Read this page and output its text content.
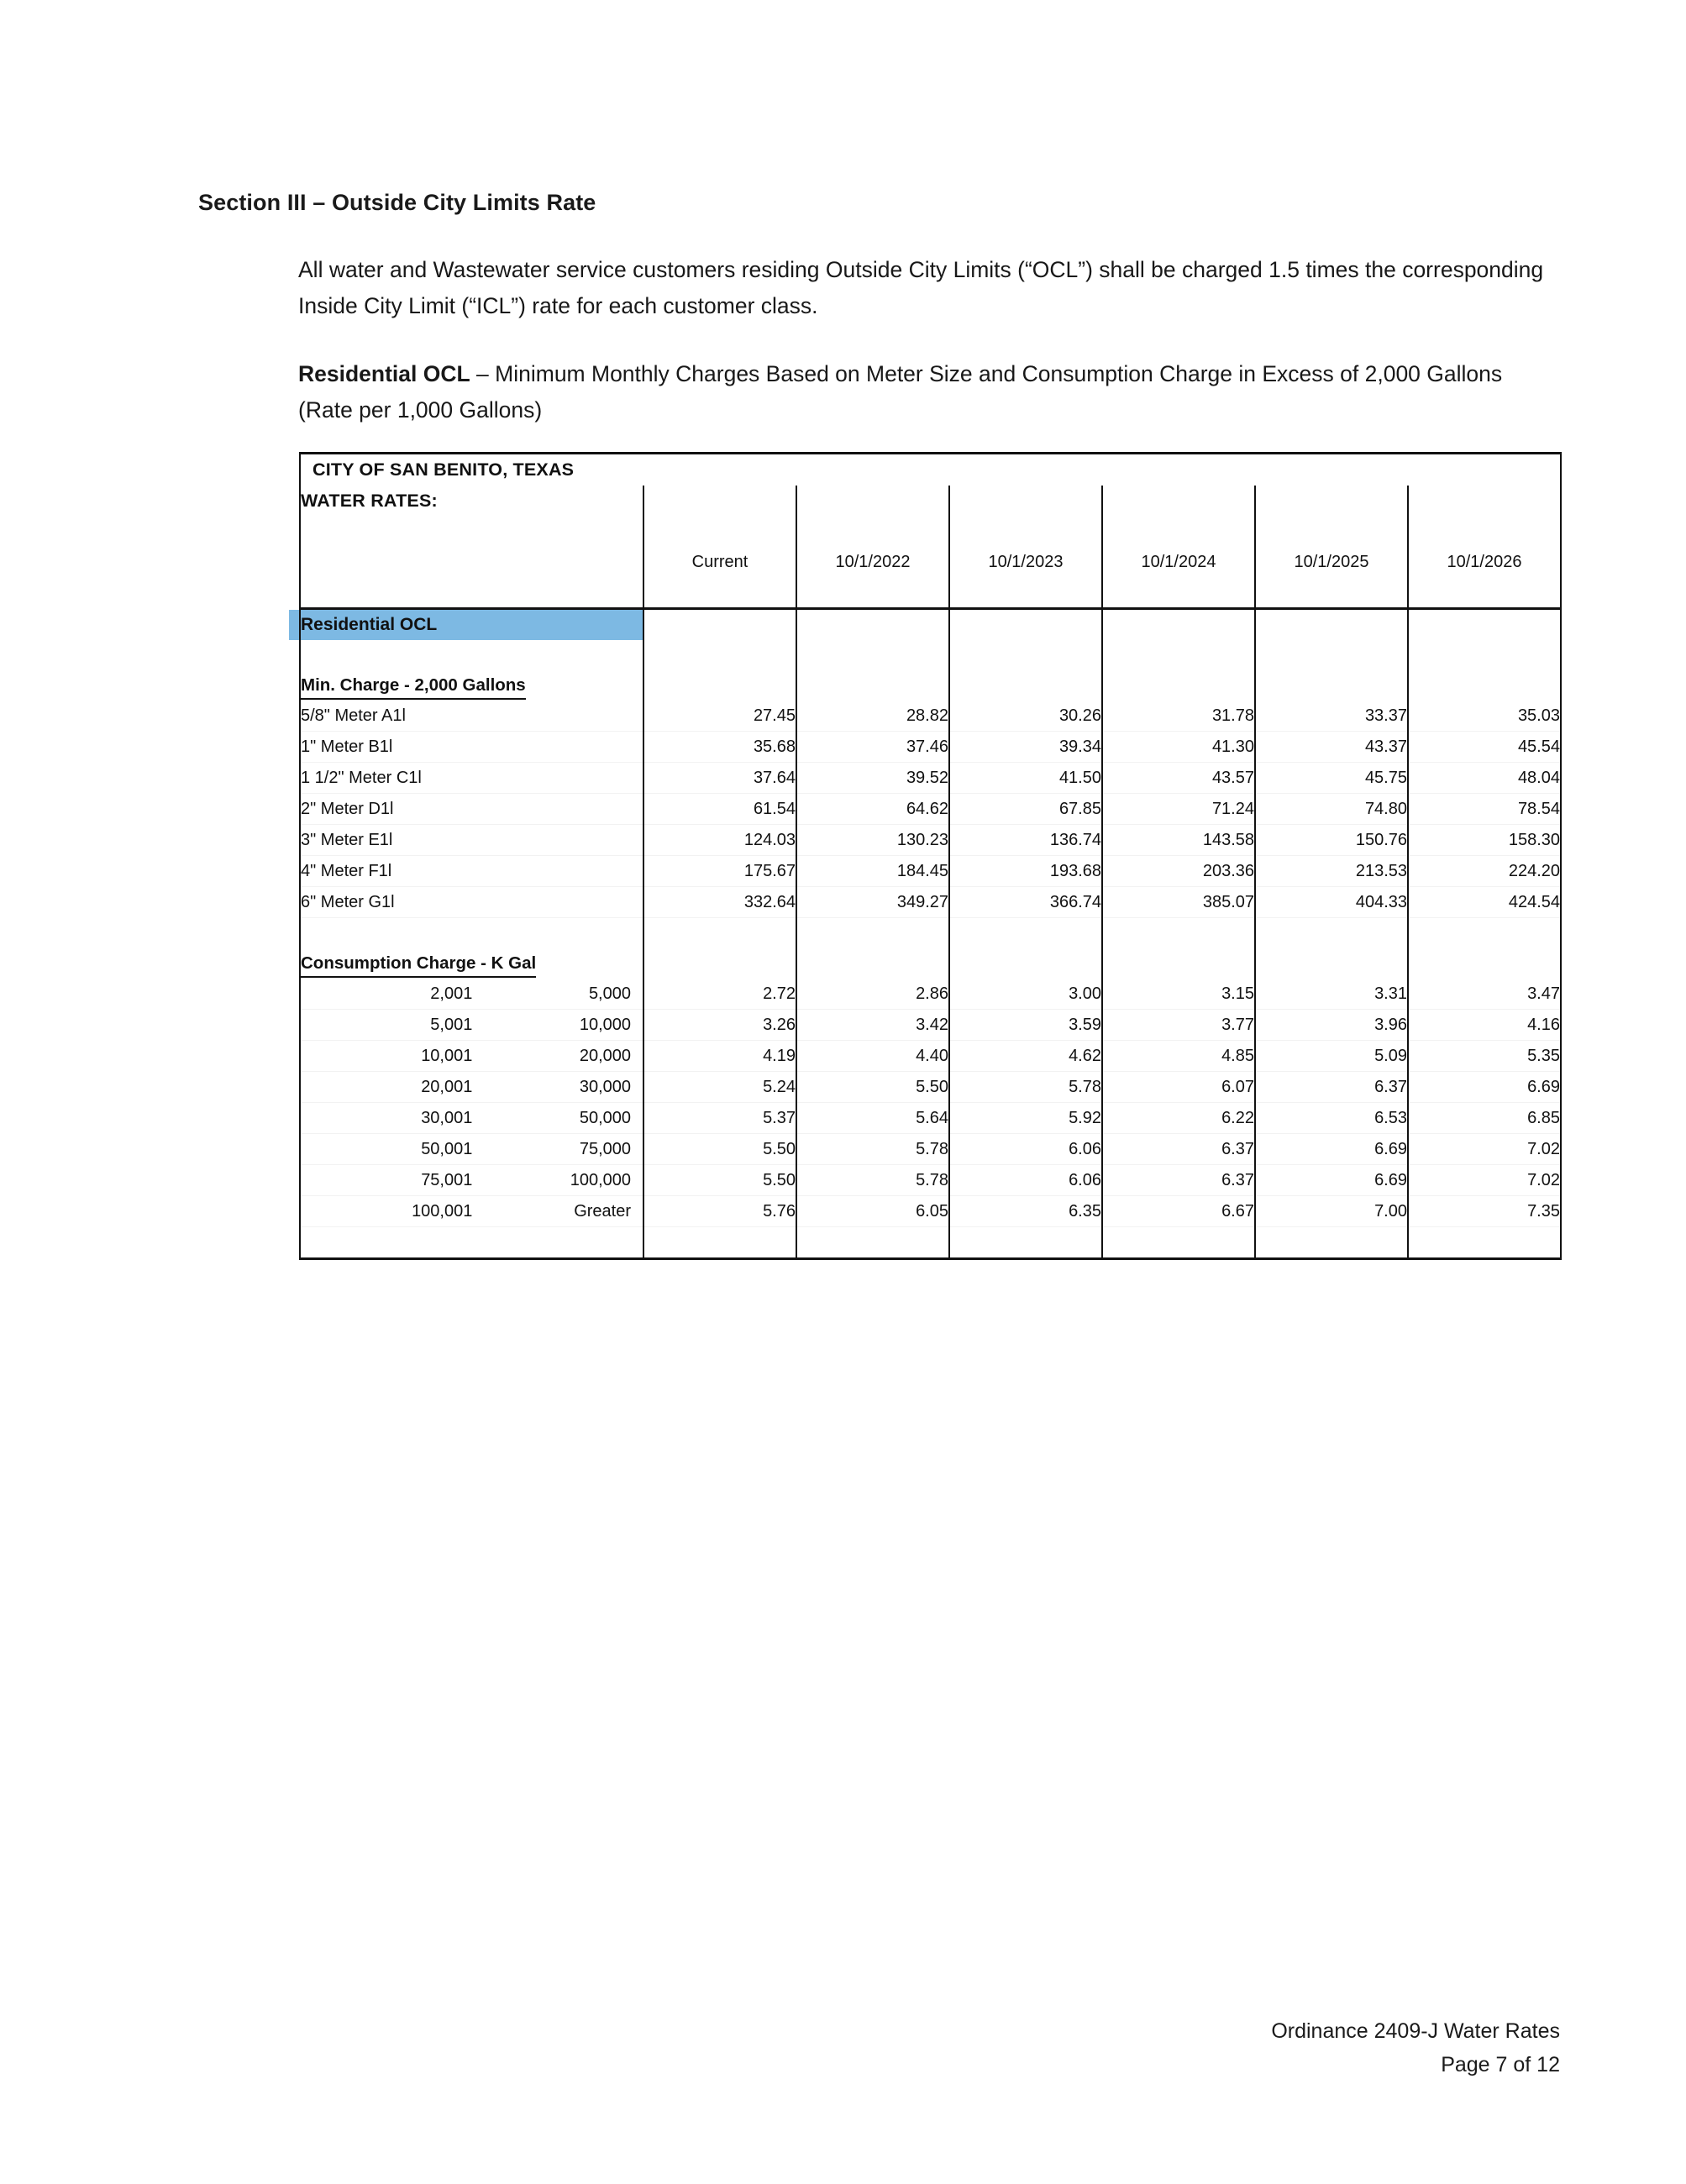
Section III – Outside City Limits Rate
All water and Wastewater service customers residing Outside City Limits (“OCL”) shall be charged 1.5 times the corresponding Inside City Limit (“ICL”) rate for each customer class.
Residential OCL – Minimum Monthly Charges Based on Meter Size and Consumption Charge in Excess of 2,000 Gallons (Rate per 1,000 Gallons)
CITY OF SAN BENITO, TEXAS						
WATER RATES:						

	Current	10/1/2022	10/1/2023	10/1/2024	10/1/2025	10/1/2026

Residential OCL						

Min. Charge - 2,000 Gallons						
5/8" Meter A1l	27.45	28.82	30.26	31.78	33.37	35.03
1" Meter B1l	35.68	37.46	39.34	41.30	43.37	45.54
1 1/2" Meter C1l	37.64	39.52	41.50	43.57	45.75	48.04
2" Meter D1l	61.54	64.62	67.85	71.24	74.80	78.54
3" Meter E1l	124.03	130.23	136.74	143.58	150.76	158.30
4" Meter F1l	175.67	184.45	193.68	203.36	213.53	224.20
6" Meter G1l	332.64	349.27	366.74	385.07	404.33	424.54

Consumption Charge - K Gal						

2,001 5,000	2.72	2.86	3.00	3.15	3.31	3.47

5,001 10,000	3.26	3.42	3.59	3.77	3.96	4.16

10,001 20,000	4.19	4.40	4.62	4.85	5.09	5.35

20,001 30,000	5.24	5.50	5.78	6.07	6.37	6.69

30,001 50,000	5.37	5.64	5.92	6.22	6.53	6.85

50,001 75,000	5.50	5.78	6.06	6.37	6.69	7.02

75,001 100,000	5.50	5.78	6.06	6.37	6.69	7.02

100,001 Greater	5.76	6.05	6.35	6.67	7.00	7.35

Ordinance 2409-J Water Rates
Page 7 of 12
